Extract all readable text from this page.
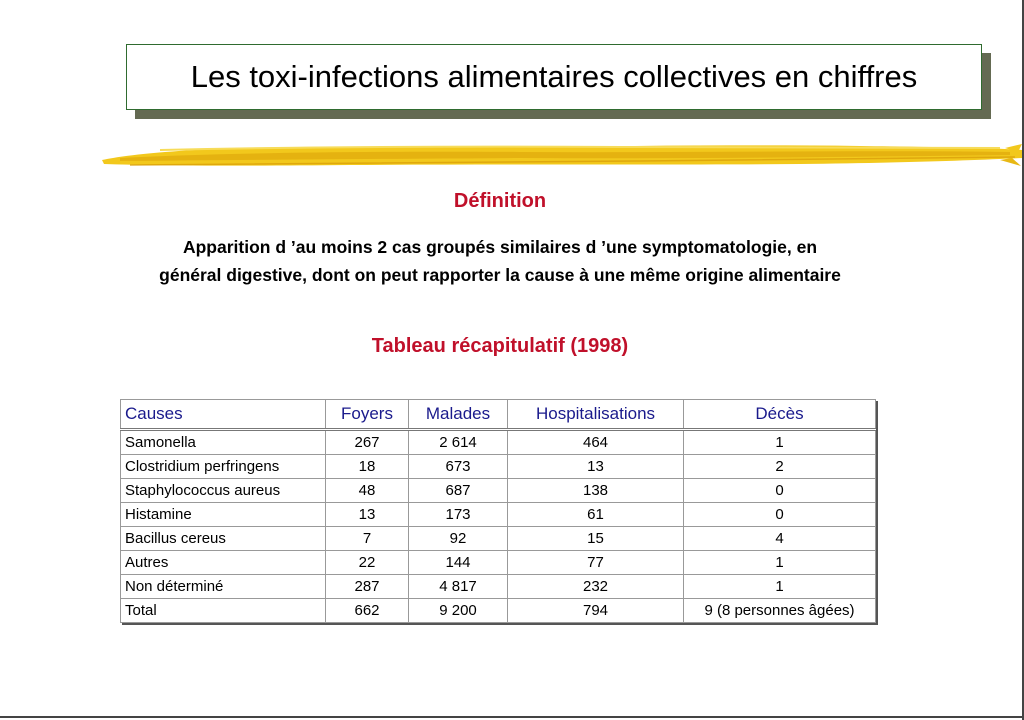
Les toxi-infections alimentaires collectives en chiffres
Définition
Apparition d ’au moins 2 cas groupés similaires d ’une symptomatologie, en
général digestive, dont on peut rapporter la cause à une même origine alimentaire
Tableau récapitulatif (1998)
Causes	Foyers	Malades	Hospitalisations	Décès
Samonella	267	2 614	464	1
Clostridium perfringens	18	673	13	2
Staphylococcus aureus	48	687	138	0
Histamine	13	173	61	0
Bacillus cereus	7	92	15	4
Autres	22	144	77	1
Non déterminé	287	4 817	232	1
Total	662	9 200	794	9 (8 personnes âgées)
